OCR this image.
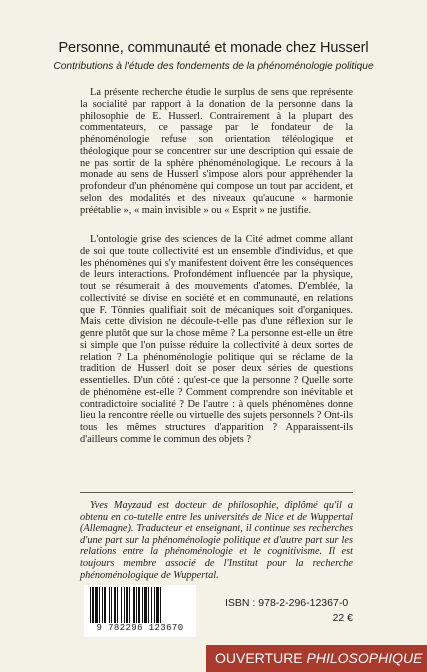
Personne, communauté et monade chez Husserl
Contributions à l'étude des fondements de la phénoménologie politique

La présente recherche étudie le surplus de sens que représente la socialité par rapport à la donation de la personne dans la philosophie de E. Husserl. Contrairement à la plupart des commentateurs, ce passage par le fondateur de la phénoménologie refuse son orientation téléologique et théologique pour se concentrer sur une description qui essaie de ne pas sortir de la sphère phénoménologique. Le recours à la monade au sens de Husserl s'impose alors pour appréhender la profondeur d'un phénomène qui compose un tout par accident, et selon des modalités et des niveaux qu'aucune « harmonie préétablie », « main invisible » ou « Esprit » ne justifie.

L'ontologie grise des sciences de la Cité admet comme allant de soi que toute collectivité est un ensemble d'individus, et que les phénomènes qui s'y manifestent doivent être les conséquences de leurs interactions. Profondément influencée par la physique, tout se résumerait à des mouvements d'atomes. D'emblée, la collectivité se divise en société et en communauté, en relations que F. Tönnies qualifiait soit de mécaniques soit d'organiques. Mais cette division ne découle-t-elle pas d'une réflexion sur le genre plutôt que sur la chose même ? La personne est-elle un être si simple que l'on puisse réduire la collectivité à deux sortes de relation ? La phénoménologie politique qui se réclame de la tradition de Husserl doit se poser deux séries de questions essentielles. D'un côté : qu'est-ce que la personne ? Quelle sorte de phénomène est-elle ? Comment comprendre son inévitable et contradictoire socialité ? De l'autre : à quels phénomènes donne lieu la rencontre réelle ou virtuelle des sujets personnels ? Ont-ils tous les mêmes structures d'apparition ? Apparaissent-ils d'ailleurs comme le commun des objets ?

Yves Mayzaud est docteur de philosophie, diplômé qu'il a obtenu en co-tutelle entre les universités de Nice et de Wuppertal (Allemagne). Traducteur et enseignant, il continue ses recherches d'une part sur la phénoménologie politique et d'autre part sur les relations entre la phénoménologie et le cognitivisme. Il est toujours membre associé de l'Institut pour la recherche phénoménologique de Wuppertal.

9 782296 123670
ISBN : 978-2-296-12367-0
22 €
OUVERTURE PHILOSOPHIQUE
